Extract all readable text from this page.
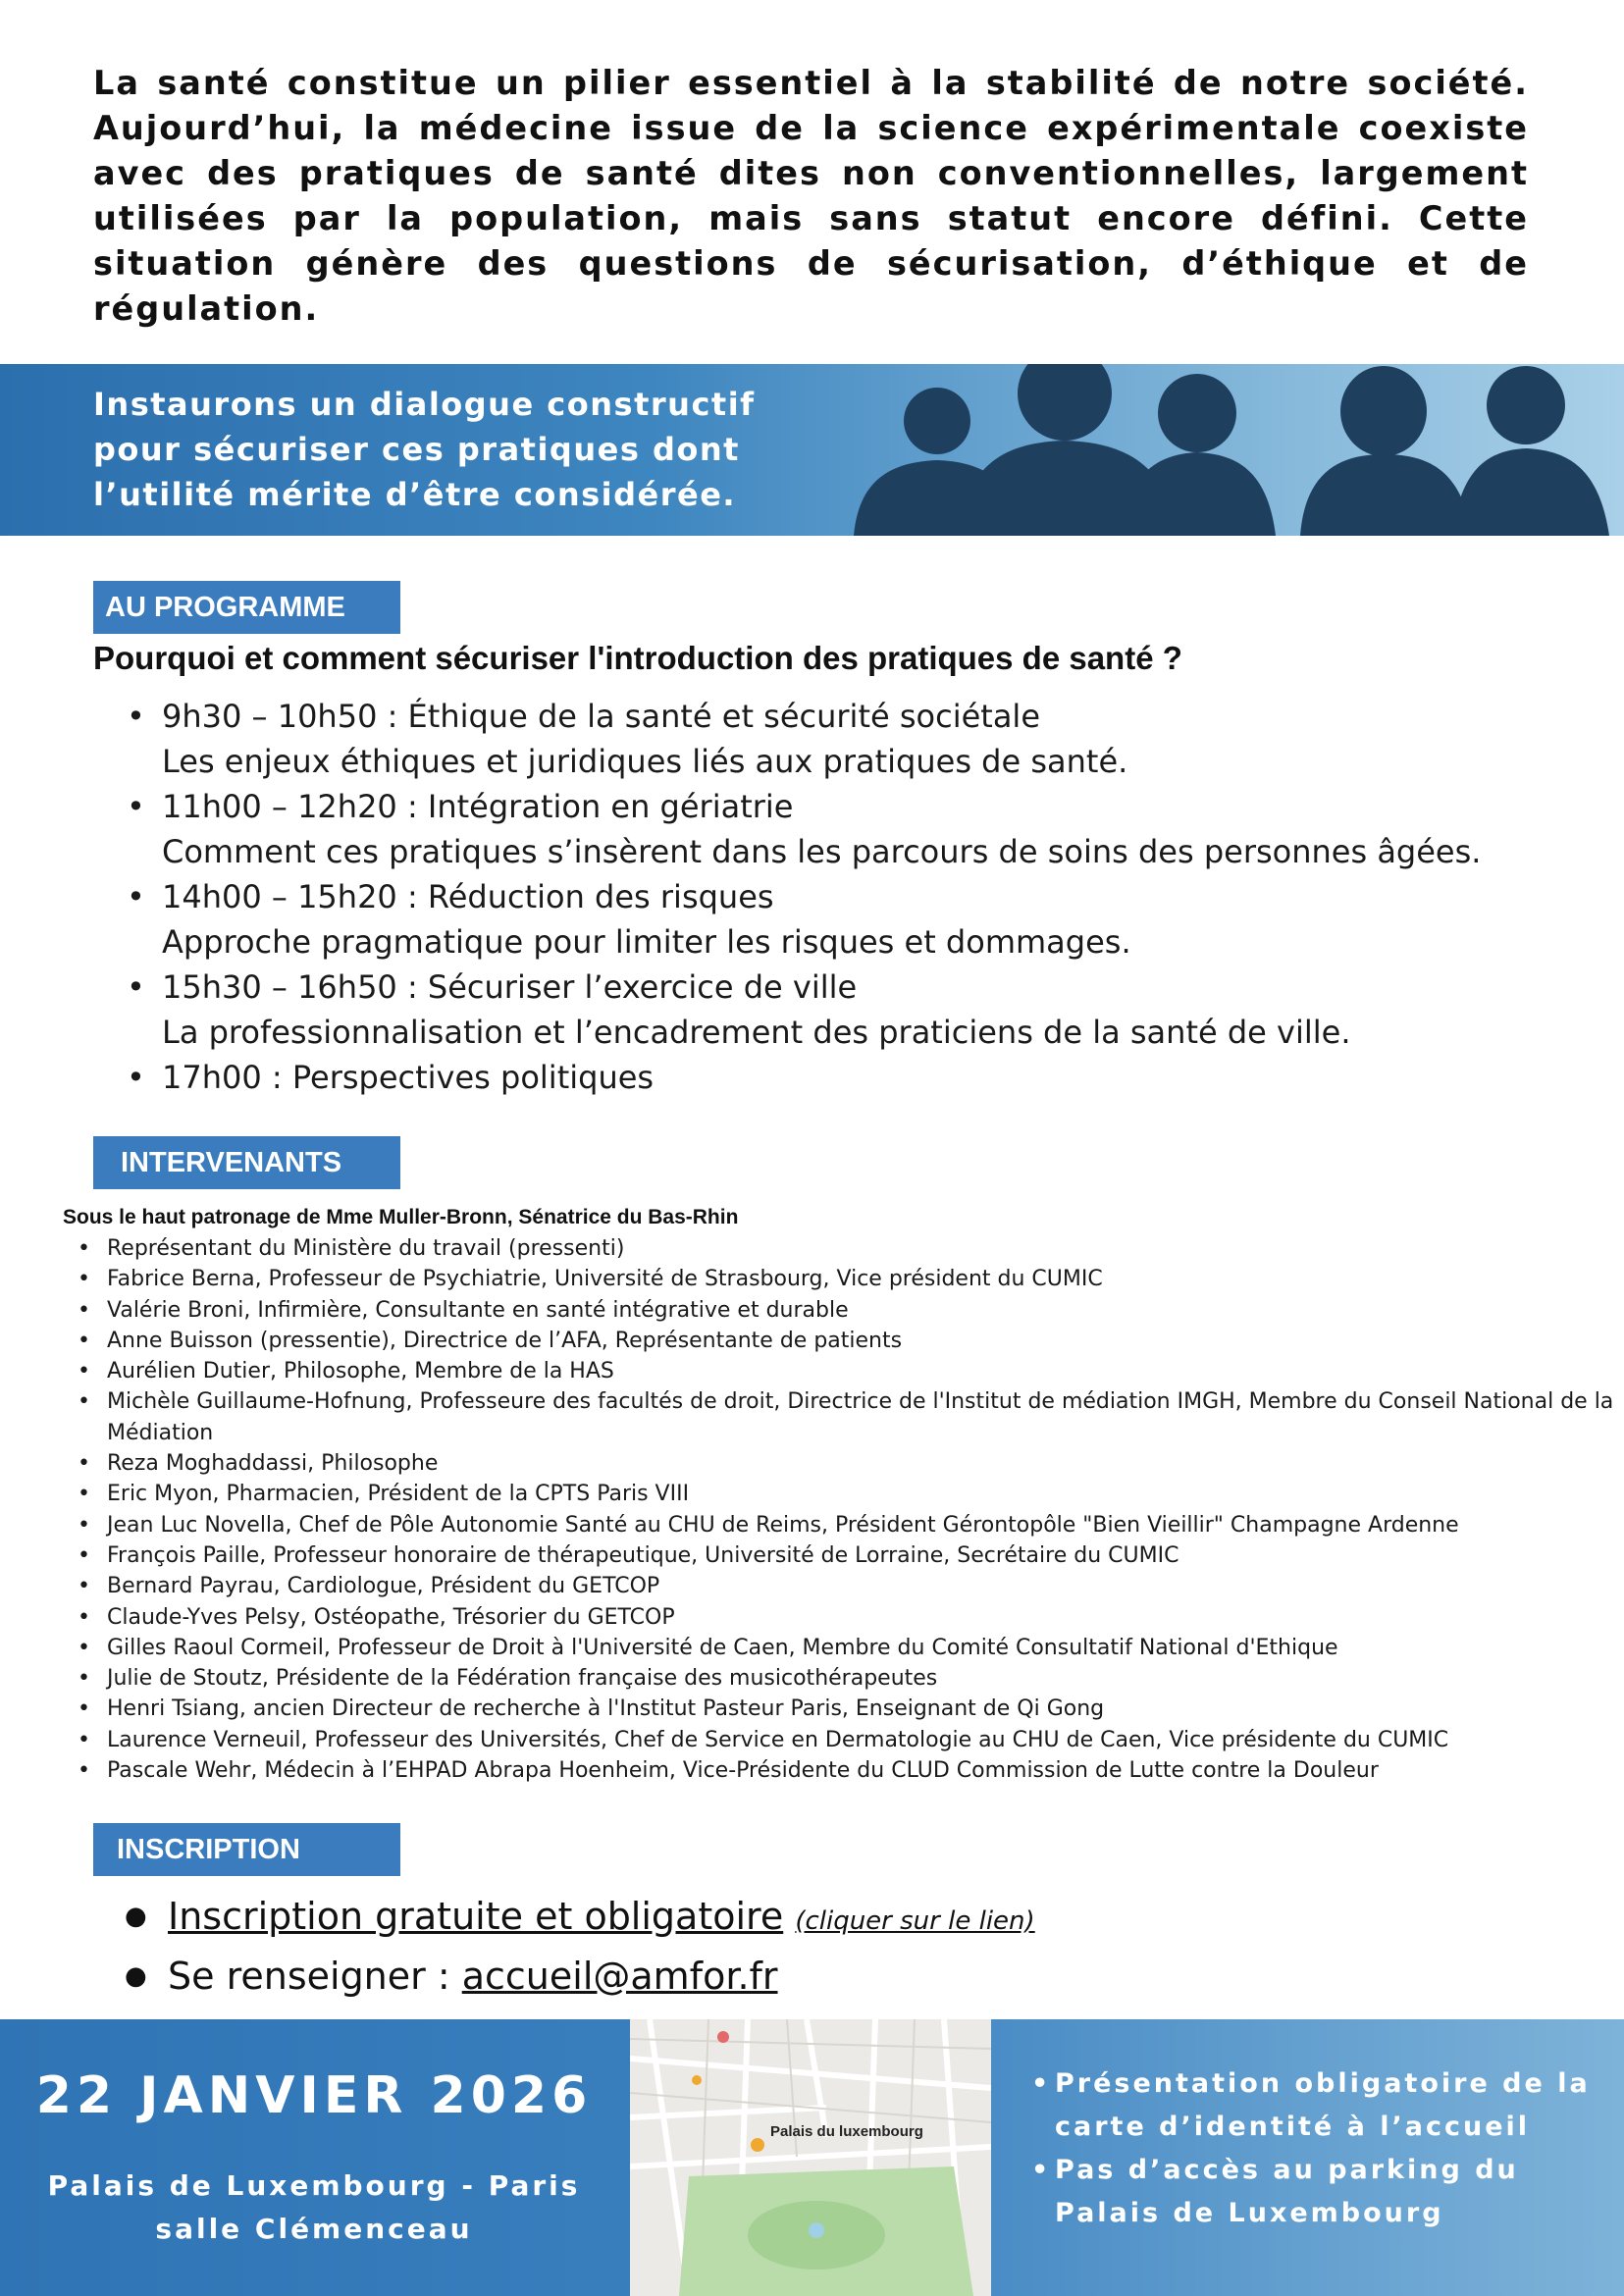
La santé constitue un pilier essentiel à la stabilité de notre société. Aujourd’hui, la médecine issue de la science expérimentale coexiste avec des pratiques de santé dites non conventionnelles, largement utilisées par la population, mais sans statut encore défini. Cette situation génère des questions de sécurisation, d’éthique et de régulation.
Instaurons un dialogue constructif
pour sécuriser ces pratiques dont
l’utilité mérite d’être considérée.
AU PROGRAMME
Pourquoi et comment sécuriser l'introduction des pratiques de santé ?
• 9h30 – 10h50 : Éthique de la santé et sécurité sociétale
Les enjeux éthiques et juridiques liés aux pratiques de santé.
• 11h00 – 12h20 : Intégration en gériatrie
Comment ces pratiques s’insèrent dans les parcours de soins des personnes âgées.
• 14h00 – 15h20 : Réduction des risques
Approche pragmatique pour limiter les risques et dommages.
• 15h30 – 16h50 : Sécuriser l’exercice de ville
La professionnalisation et l’encadrement des praticiens de la santé de ville.
• 17h00 : Perspectives politiques
INTERVENANTS
Sous le haut patronage de Mme Muller-Bronn, Sénatrice du Bas-Rhin
• Représentant du Ministère du travail (pressenti)
• Fabrice Berna, Professeur de Psychiatrie, Université de Strasbourg, Vice président du CUMIC
• Valérie Broni, Infirmière, Consultante en santé intégrative et durable
• Anne Buisson (pressentie), Directrice de l’AFA, Représentante de patients
• Aurélien Dutier, Philosophe, Membre de la HAS
• Michèle Guillaume-Hofnung, Professeure des facultés de droit, Directrice de l'Institut de médiation IMGH, Membre du Conseil National de la Médiation
• Reza Moghaddassi, Philosophe
• Eric Myon, Pharmacien, Président de la CPTS Paris VIII
• Jean Luc Novella, Chef de Pôle Autonomie Santé au CHU de Reims, Président Gérontopôle "Bien Vieillir" Champagne Ardenne
• François Paille, Professeur honoraire de thérapeutique, Université de Lorraine, Secrétaire du CUMIC
• Bernard Payrau, Cardiologue, Président du GETCOP
• Claude-Yves Pelsy, Ostéopathe, Trésorier du GETCOP
• Gilles Raoul Cormeil, Professeur de Droit à l'Université de Caen, Membre du Comité Consultatif National d'Ethique
• Julie de Stoutz, Présidente de la Fédération française des musicothérapeutes
• Henri Tsiang, ancien Directeur de recherche à l'Institut Pasteur Paris, Enseignant de Qi Gong
• Laurence Verneuil, Professeur des Universités, Chef de Service en Dermatologie au CHU de Caen, Vice présidente du CUMIC
• Pascale Wehr, Médecin à l’EHPAD Abrapa Hoenheim, Vice-Présidente du CLUD Commission de Lutte contre la Douleur
INSCRIPTION
● Inscription gratuite et obligatoire (cliquer sur le lien)
● Se renseigner : accueil@amfor.fr
22 JANVIER 2026
Palais de Luxembourg - Paris
salle Clémenceau
Palais du luxembourg
• Présentation obligatoire de la carte d’identité à l’accueil
• Pas d’accès au parking du Palais de Luxembourg
